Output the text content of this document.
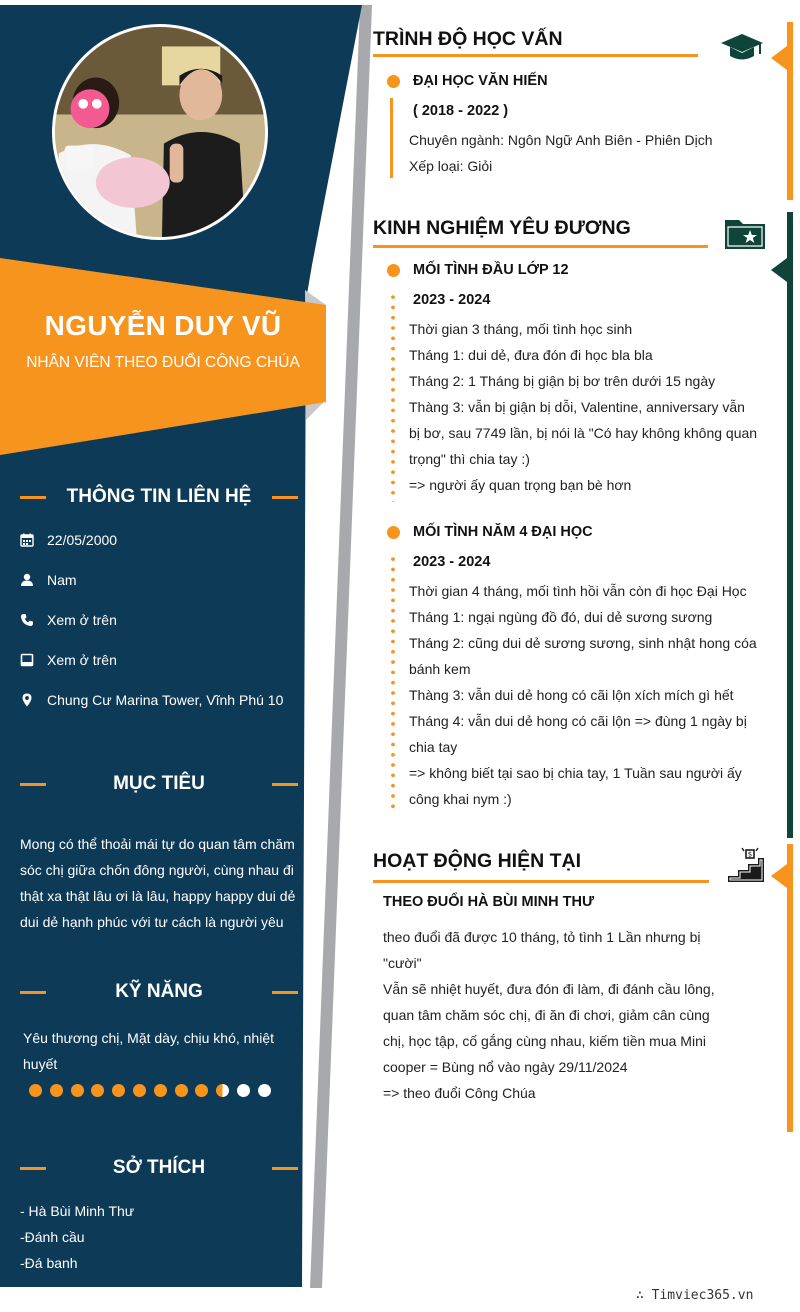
NGUYỄN DUY VŨ
NHÂN VIÊN THEO ĐUỔI CÔNG CHÚA
THÔNG TIN LIÊN HỆ
22/05/2000
Nam
Xem ở trên
Xem ở trên
Chung Cư Marina Tower, Vĩnh Phú 10
MỤC TIÊU
Mong có thể thoải mái tự do quan tâm chăm
sóc chị giữa chốn đông người, cùng nhau đi
thật xa thật lâu ơi là lâu, happy happy dui dẻ
dui dẻ hạnh phúc với tư cách là người yêu
KỸ NĂNG
Yêu thương chị, Mặt dày, chịu khó, nhiệt
huyết
SỞ THÍCH
- Hà Bùi Minh Thư
-Đánh cầu
-Đá banh
TRÌNH ĐỘ HỌC VẤN
ĐẠI HỌC VĂN HIẾN
( 2018 - 2022 )
Chuyên ngành: Ngôn Ngữ Anh Biên - Phiên Dịch
Xếp loại: Giỏi
KINH NGHIỆM YÊU ĐƯƠNG
MỐI TÌNH ĐẦU LỚP 12
2023 - 2024
Thời gian 3 tháng, mối tình học sinh
Tháng 1: dui dẻ, đưa đón đi học bla bla
Tháng 2: 1 Tháng bị giận bị bơ trên dưới 15 ngày
Thàng 3: vẫn bị giận bị dỗi, Valentine, anniversary vẫn
bị bơ, sau 7749 lần, bị nói là "Có hay không không quan
trọng" thì chia tay :)
=> người ấy quan trọng bạn bè hơn
MỐI TÌNH NĂM 4 ĐẠI HỌC
2023 - 2024
Thời gian 4 tháng, mối tình hồi vẫn còn đi học Đại Học
Tháng 1: ngại ngùng đồ đó, dui dẻ sương sương
Tháng 2: cũng dui dẻ sương sương, sinh nhật hong cóa
bánh kem
Thàng 3: vẫn dui dẻ hong có cãi lộn xích mích gì hết
Tháng 4: vẫn dui dẻ hong có cãi lộn => đùng 1 ngày bị
chia tay
=> không biết tại sao bị chia tay, 1 Tuần sau người ấy
công khai nym :)
HOẠT ĐỘNG HIỆN TẠI	$
THEO ĐUỔI HÀ BÙI MINH THƯ
theo đuổi đã được 10 tháng, tỏ tình 1 Lần nhưng bị
"cười"
Vẫn sẽ nhiệt huyết, đưa đón đi làm, đi đánh cầu lông,
quan tâm chăm sóc chị, đi ăn đi chơi, giảm cân cùng
chị, học tập, cố gắng cùng nhau, kiếm tiền mua Mini
cooper = Bùng nổ vào ngày 29/11/2024
=> theo đuổi Công Chúa
∴ Timviec365.vn
